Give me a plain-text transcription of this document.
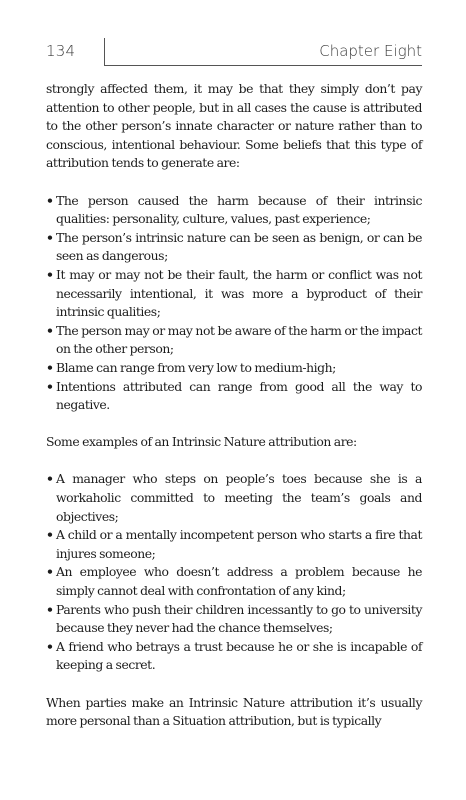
134	Chapter Eight

strongly affected them, it may be that they simply don’t pay attention to other people, but in all cases the cause is attributed to the other person’s innate character or nature rather than to conscious, intentional behaviour. Some beliefs that this type of attribution tends to generate are:

• The person caused the harm because of their intrinsic qualities: personality, culture, values, past experience;
• The person’s intrinsic nature can be seen as benign, or can be seen as dangerous;
• It may or may not be their fault, the harm or conflict was not necessarily intentional, it was more a byproduct of their intrinsic qualities;
• The person may or may not be aware of the harm or the impact on the other person;
• Blame can range from very low to medium-high;
• Intentions attributed can range from good all the way to negative.

Some examples of an Intrinsic Nature attribution are:

• A manager who steps on people’s toes because she is a workaholic committed to meeting the team’s goals and objectives;
• A child or a mentally incompetent person who starts a fire that injures someone;
• An employee who doesn’t address a problem because he simply cannot deal with confrontation of any kind;
• Parents who push their children incessantly to go to university because they never had the chance themselves;
• A friend who betrays a trust because he or she is incapable of keeping a secret.

When parties make an Intrinsic Nature attribution it’s usually more personal than a Situation attribution, but is typically
